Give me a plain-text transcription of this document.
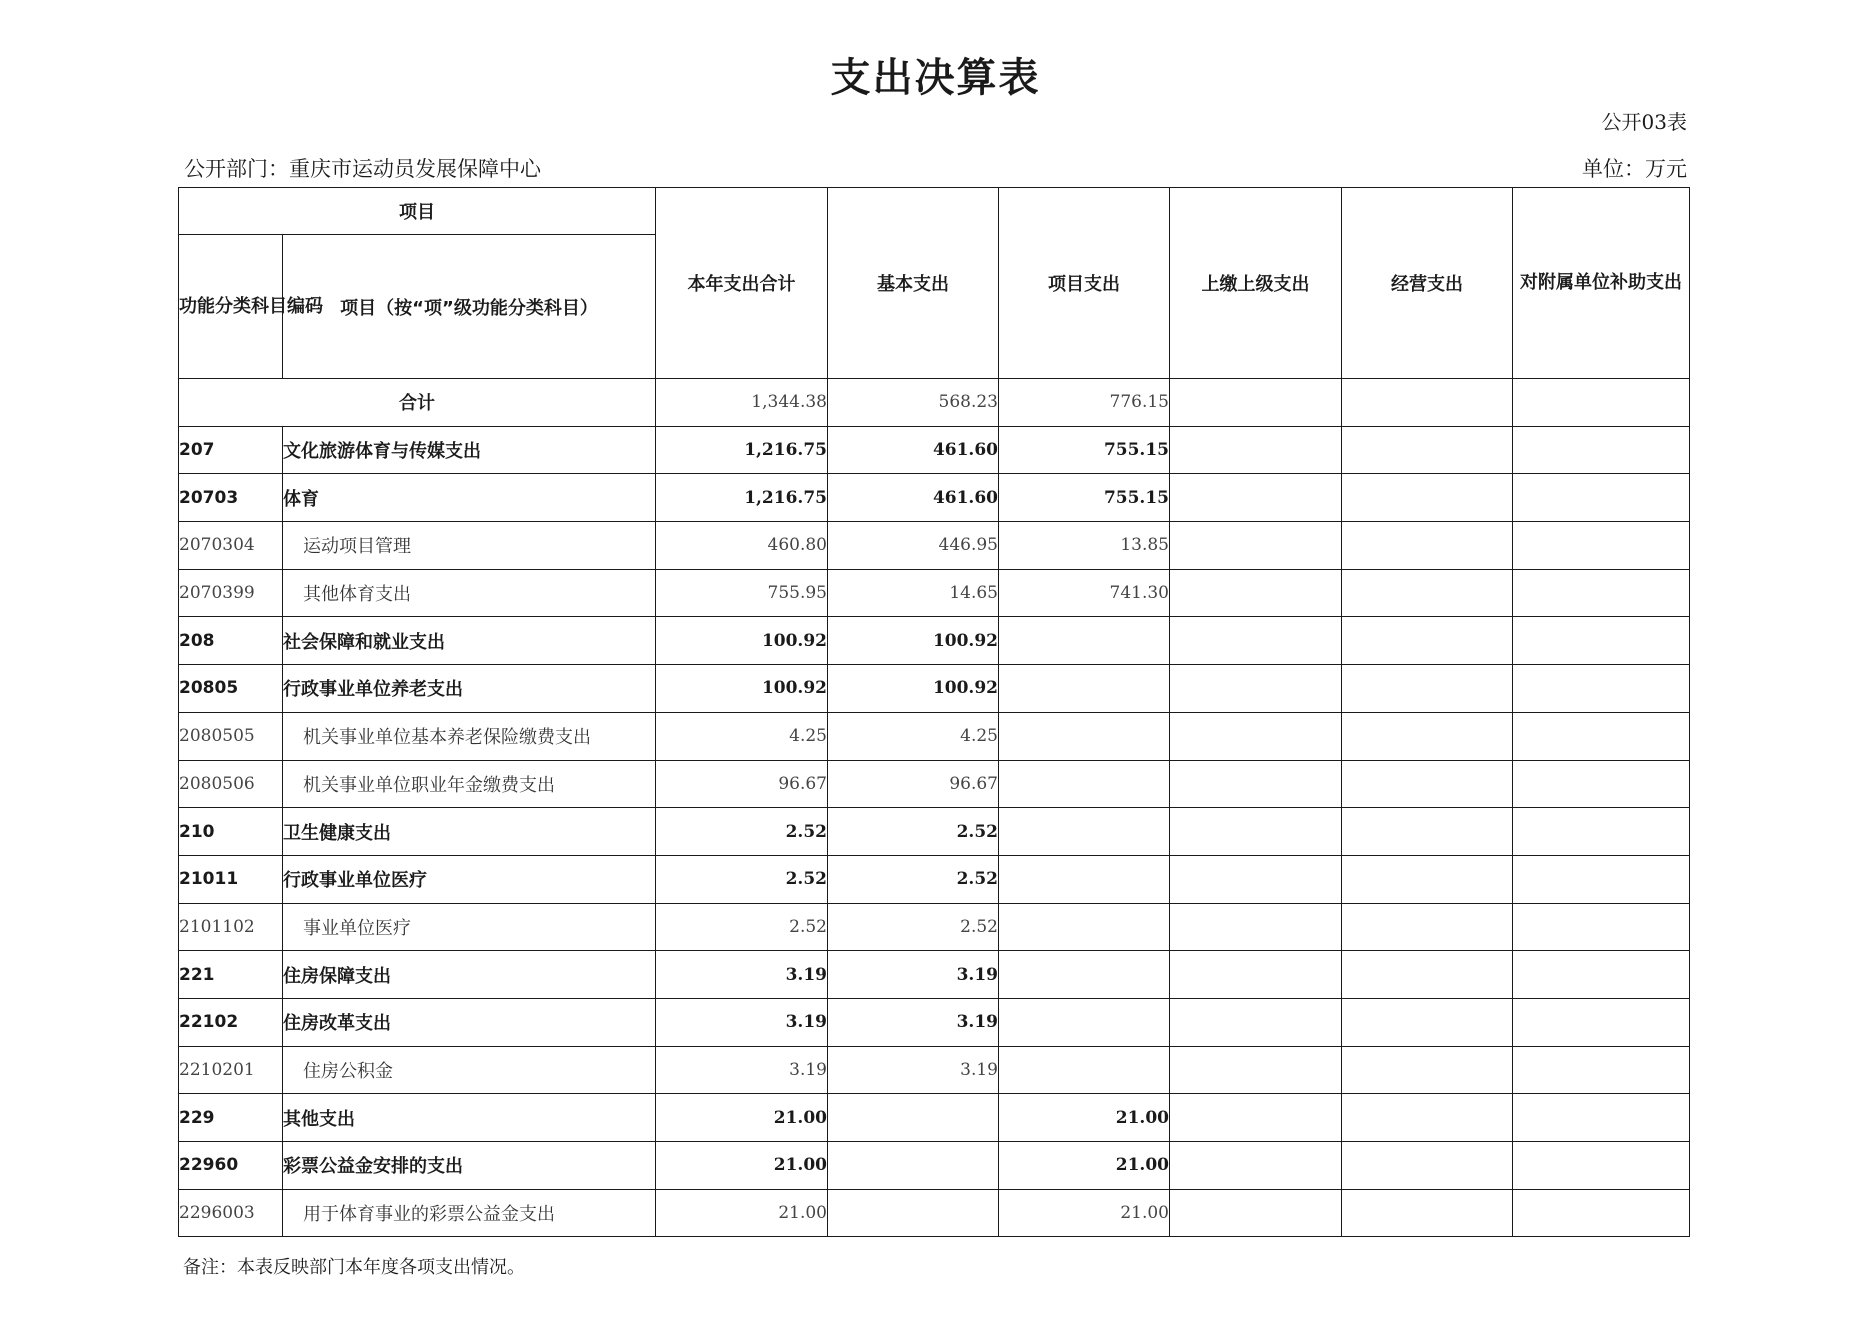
支出决算表
公开03表
公开部门：重庆市运动员发展保障中心	单位：万元
项目		本年支出合计	基本支出	项目支出	上缴上级支出	经营支出	对附属单位补助支出
功能分类科目编码	项目（按“项”级功能分类科目）						
合计		1,344.38	568.23	776.15			
207	文化旅游体育与传媒支出	1,216.75	461.60	755.15			
20703	体育	1,216.75	461.60	755.15			
2070304	运动项目管理	460.80	446.95	13.85			
2070399	其他体育支出	755.95	14.65	741.30			
208	社会保障和就业支出	100.92	100.92				
20805	行政事业单位养老支出	100.92	100.92				
2080505	机关事业单位基本养老保险缴费支出	4.25	4.25				
2080506	机关事业单位职业年金缴费支出	96.67	96.67				
210	卫生健康支出	2.52	2.52				
21011	行政事业单位医疗	2.52	2.52				
2101102	事业单位医疗	2.52	2.52				
221	住房保障支出	3.19	3.19				
22102	住房改革支出	3.19	3.19				
2210201	住房公积金	3.19	3.19				
229	其他支出	21.00		21.00			
22960	彩票公益金安排的支出	21.00		21.00			
2296003	用于体育事业的彩票公益金支出	21.00		21.00			
备注：本表反映部门本年度各项支出情况。
